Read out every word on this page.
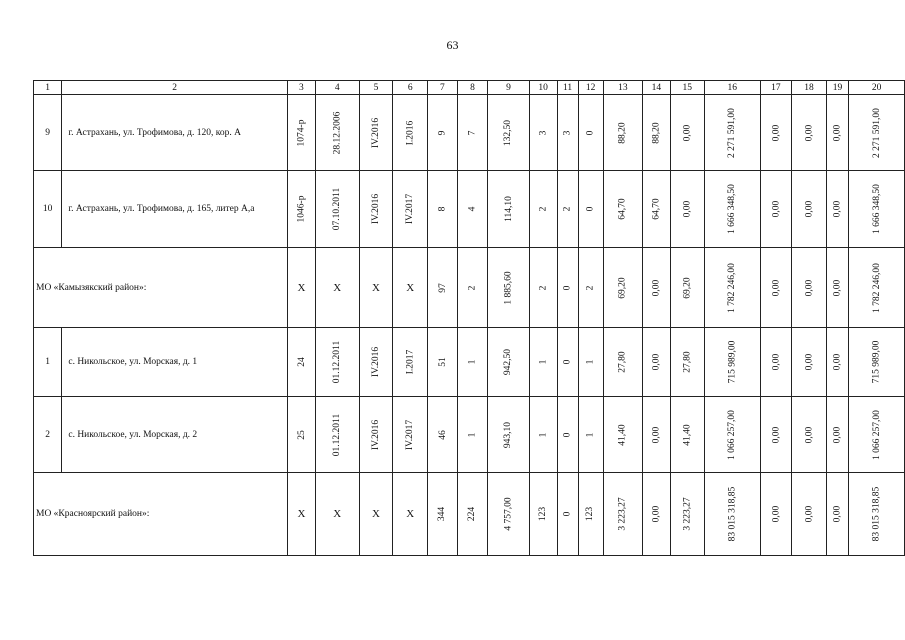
63
1	2	3	4	5	6	7	8	9	10	11	12	13	14	15	16	17	18	19	20
9	г. Астрахань, ул. Трофимова, д. 120, кор. А	1074-р	28.12.2006	IV.2016	I.2016	9	7	132,50	3	3	0	88,20	88,20	0,00	2 271 591,00	0,00	0,00	0,00	2 271 591,00
10	г. Астрахань, ул. Трофимова, д. 165, литер А,а	1046-р	07.10.2011	IV.2016	IV.2017	8	4	114,10	2	2	0	64,70	64,70	0,00	1 666 348,50	0,00	0,00	0,00	1 666 348,50
МО «Камызякский район»:		X	X	X	X	97	2	1 885,60	2	0	2	69,20	0,00	69,20	1 782 246,00	0,00	0,00	0,00	1 782 246,00
1	с. Никольское, ул. Морская, д. 1	24	01.12.2011	IV.2016	I.2017	51	1	942,50	1	0	1	27,80	0,00	27,80	715 989,00	0,00	0,00	0,00	715 989,00
2	с. Никольское, ул. Морская, д. 2	25	01.12.2011	IV.2016	IV.2017	46	1	943,10	1	0	1	41,40	0,00	41,40	1 066 257,00	0,00	0,00	0,00	1 066 257,00
МО «Красноярский район»:		X	X	X	X	344	224	4 757,00	123	0	123	3 223,27	0,00	3 223,27	83 015 318,85	0,00	0,00	0,00	83 015 318,85
